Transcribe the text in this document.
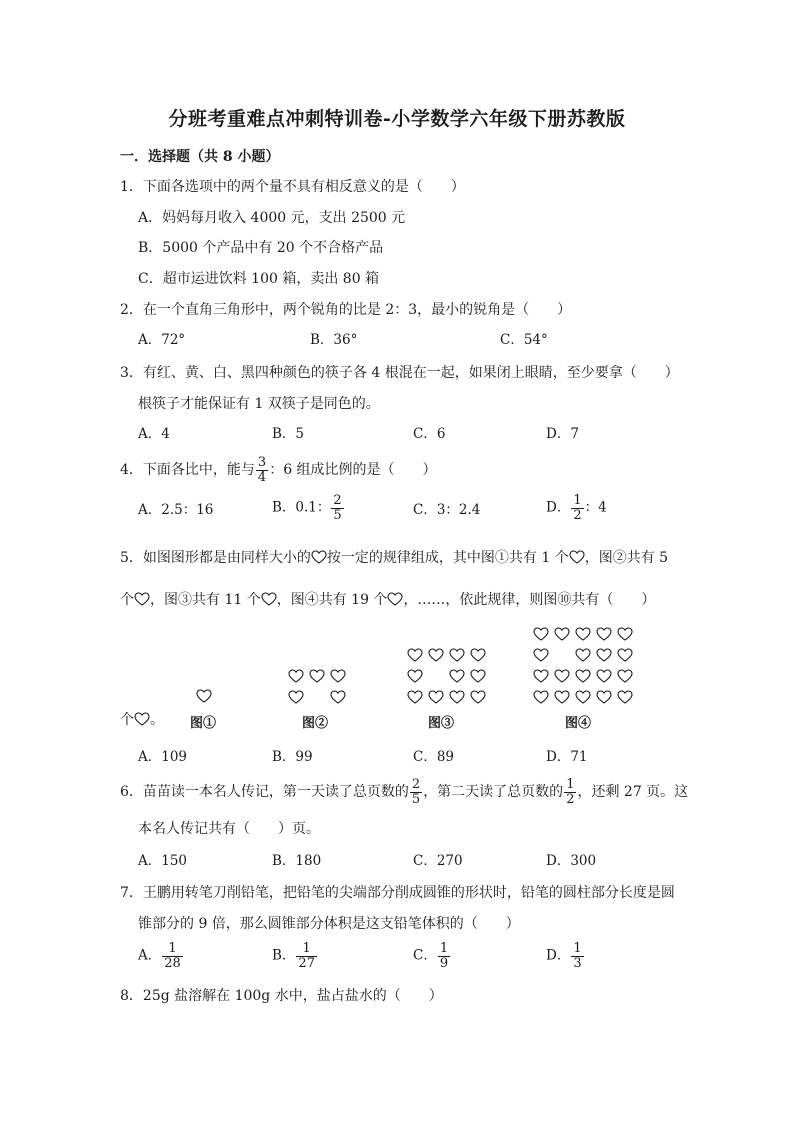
分班考重难点冲刺特训卷-小学数学六年级下册苏教版
一．选择题（共 8 小题）
1．下面各选项中的两个量不具有相反意义的是（　　）
A．妈妈每月收入 4000 元，支出 2500 元
B．5000 个产品中有 20 个不合格产品
C．超市运进饮料 100 箱，卖出 80 箱
2．在一个直角三角形中，两个锐角的比是 2：3，最小的锐角是（　　）
A．72°	B．36°	C．54°
3．有红、黄、白、黑四种颜色的筷子各 4 根混在一起，如果闭上眼睛，至少要拿（　　）
根筷子才能保证有 1 双筷子是同色的。
A．4	B．5	C．6	D．7
4．下面各比中，能与 $\frac{3}{4}$ ：6 组成比例的是（　　）
A．2.5：16	B．0.1： $\frac{2}{5}$	C．3：2.4	D． $\frac{1}{2}$ ：4
5．如图图形都是由同样大小的 按一定的规律组成，其中图①共有 1 个 ，图②共有 5
个 ，图③共有 11 个 ，图④共有 19 个 ，……，依此规律，则图⑩共有（　　）
个 。 图①	图②	图③	图④
A．109	B．99	C．89	D．71
6．苗苗读一本名人传记，第一天读了总页数的 $\frac{2}{5}$ ，第二天读了总页数的 $\frac{1}{2}$ ，还剩 27 页。这
本名人传记共有（　　）页。
A．150	B．180	C．270	D．300
7．王鹏用转笔刀削铅笔，把铅笔的尖端部分削成圆锥的形状时，铅笔的圆柱部分长度是圆
锥部分的 9 倍，那么圆锥部分体积是这支铅笔体积的（　　）
A． $\frac{1}{28}$	B． $\frac{1}{27}$	C． $\frac{1}{9}$	D． $\frac{1}{3}$
8．25g 盐溶解在 100g 水中，盐占盐水的（　　）
